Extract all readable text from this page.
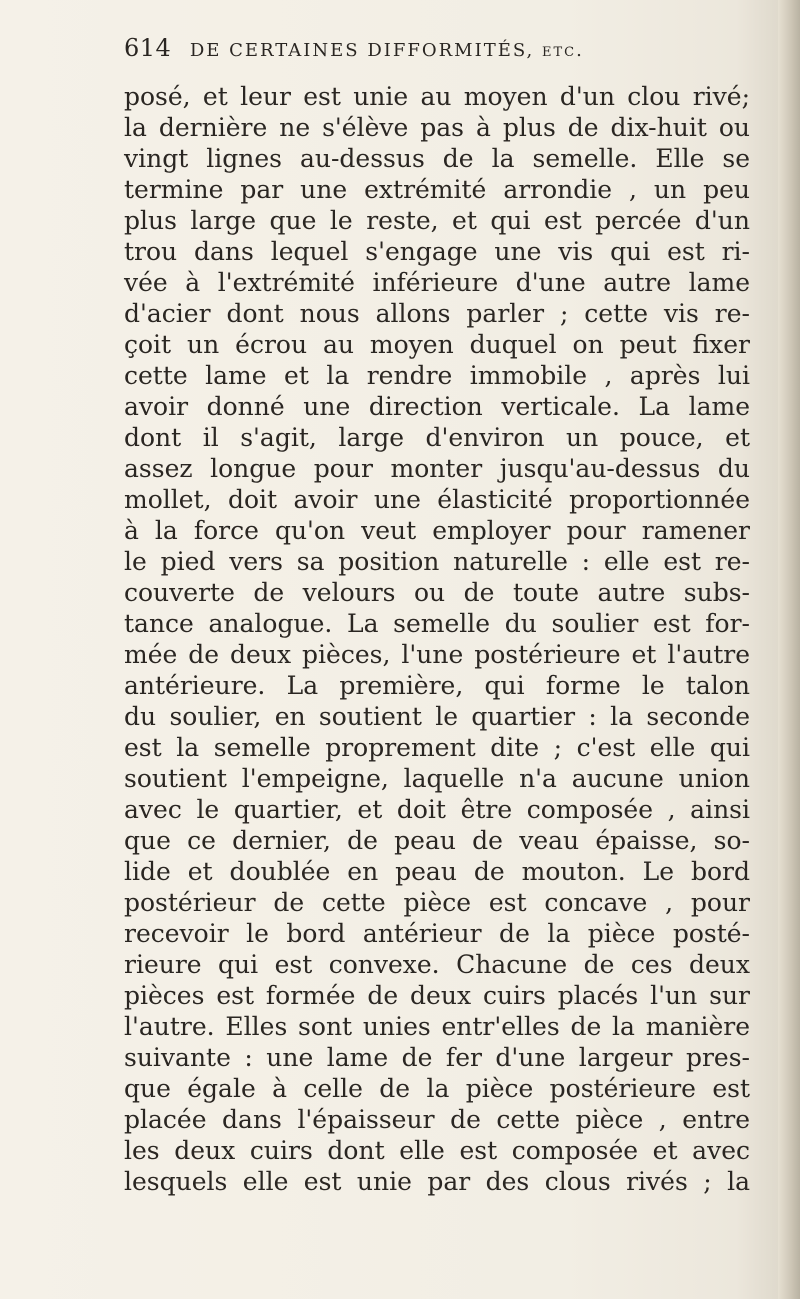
614 DE CERTAINES DIFFORMITÉS, etc.
posé, et leur est unie au moyen d'un clou rivé;
la dernière ne s'élève pas à plus de dix-huit ou
vingt lignes au-dessus de la semelle. Elle se
termine par une extrémité arrondie , un peu
plus large que le reste, et qui est percée d'un
trou dans lequel s'engage une vis qui est ri-
vée à l'extrémité inférieure d'une autre lame
d'acier dont nous allons parler ; cette vis re-
çoit un écrou au moyen duquel on peut fixer
cette lame et la rendre immobile , après lui
avoir donné une direction verticale. La lame
dont il s'agit, large d'environ un pouce, et
assez longue pour monter jusqu'au-dessus du
mollet, doit avoir une élasticité proportionnée
à la force qu'on veut employer pour ramener
le pied vers sa position naturelle : elle est re-
couverte de velours ou de toute autre subs-
tance analogue. La semelle du soulier est for-
mée de deux pièces, l'une postérieure et l'autre
antérieure. La première, qui forme le talon
du soulier, en soutient le quartier : la seconde
est la semelle proprement dite ; c'est elle qui
soutient l'empeigne, laquelle n'a aucune union
avec le quartier, et doit être composée , ainsi
que ce dernier, de peau de veau épaisse, so-
lide et doublée en peau de mouton. Le bord
postérieur de cette pièce est concave , pour
recevoir le bord antérieur de la pièce posté-
rieure qui est convexe. Chacune de ces deux
pièces est formée de deux cuirs placés l'un sur
l'autre. Elles sont unies entr'elles de la manière
suivante : une lame de fer d'une largeur pres-
que égale à celle de la pièce postérieure est
placée dans l'épaisseur de cette pièce , entre
les deux cuirs dont elle est composée et avec
lesquels elle est unie par des clous rivés ; la
